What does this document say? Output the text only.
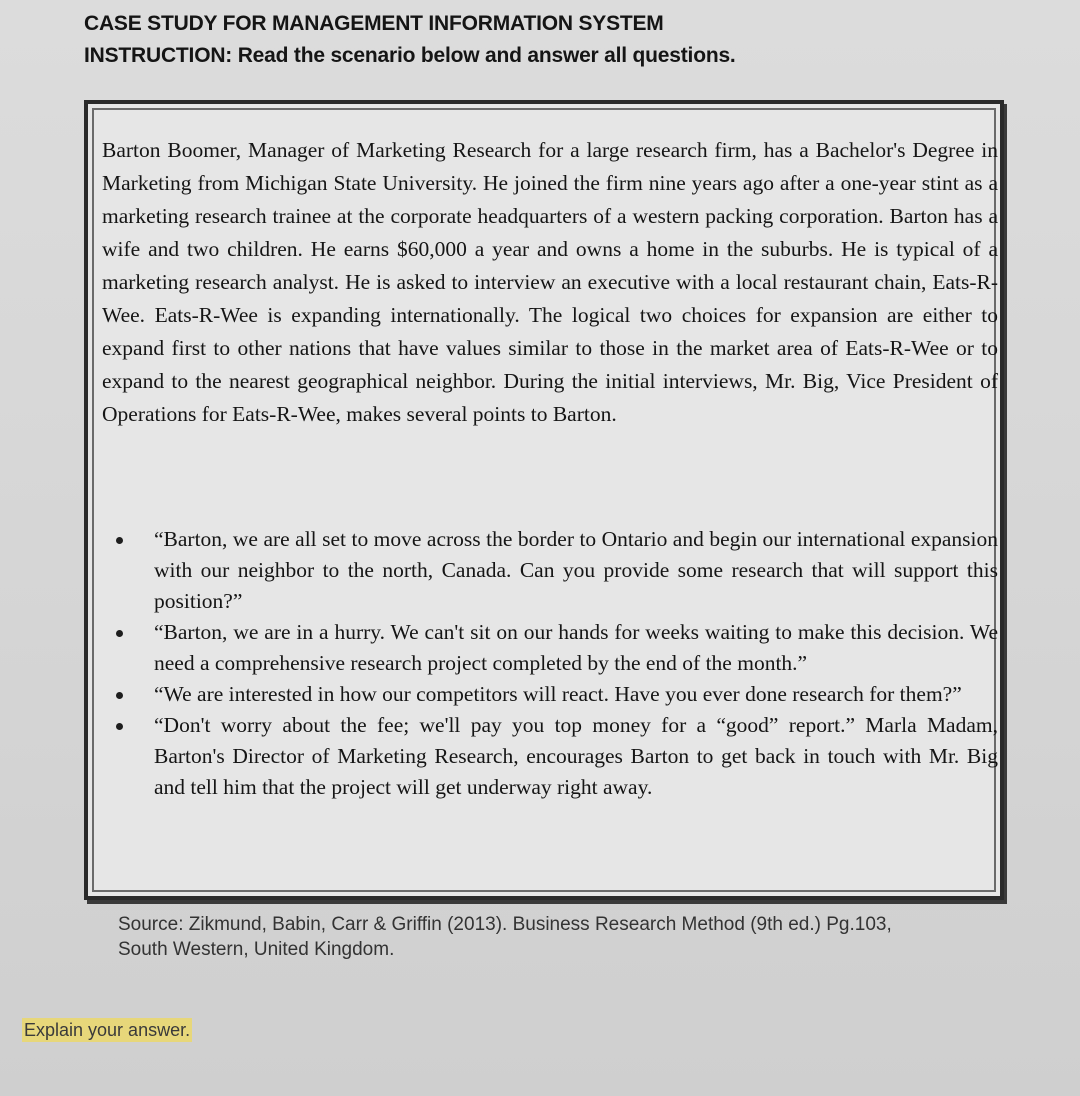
CASE STUDY FOR MANAGEMENT INFORMATION SYSTEM
INSTRUCTION: Read the scenario below and answer all questions.
Barton Boomer, Manager of Marketing Research for a large research firm, has a Bachelor's Degree in Marketing from Michigan State University. He joined the firm nine years ago after a one-year stint as a marketing research trainee at the corporate headquarters of a western packing corporation. Barton has a wife and two children. He earns $60,000 a year and owns a home in the suburbs. He is typical of a marketing research analyst. He is asked to interview an executive with a local restaurant chain, Eats-R-Wee. Eats-R-Wee is expanding internationally. The logical two choices for expansion are either to expand first to other nations that have values similar to those in the market area of Eats-R-Wee or to expand to the nearest geographical neighbor. During the initial interviews, Mr. Big, Vice President of Operations for Eats-R-Wee, makes several points to Barton.
“Barton, we are all set to move across the border to Ontario and begin our international expansion with our neighbor to the north, Canada. Can you provide some research that will support this position?”
“Barton, we are in a hurry. We can't sit on our hands for weeks waiting to make this decision. We need a comprehensive research project completed by the end of the month.”
“We are interested in how our competitors will react. Have you ever done research for them?”
“Don't worry about the fee; we'll pay you top money for a “good” report.” Marla Madam, Barton's Director of Marketing Research, encourages Barton to get back in touch with Mr. Big and tell him that the project will get underway right away.
Source: Zikmund, Babin, Carr & Griffin (2013). Business Research Method (9th ed.) Pg.103,
South Western, United Kingdom.
Explain your answer.
